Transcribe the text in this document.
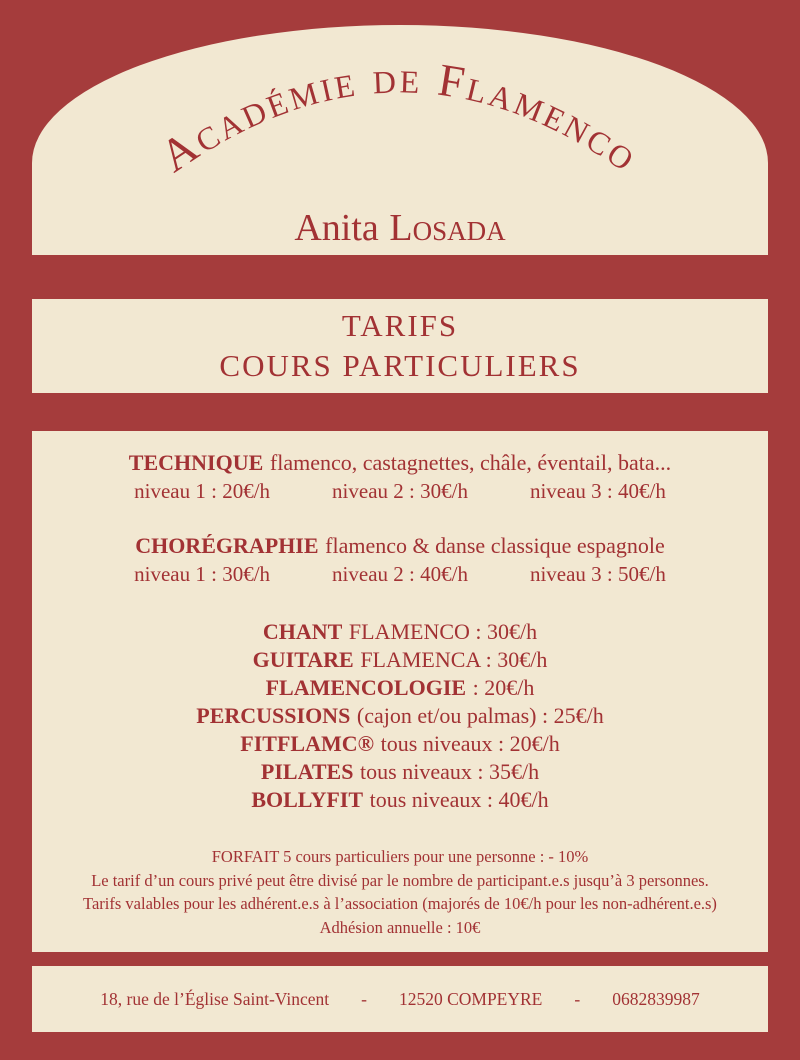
Académie de Flamenco
Anita Losada
TARIFS
COURS PARTICULIERS
TECHNIQUE flamenco, castagnettes, châle, éventail, bata...
niveau 1 : 20€/h	niveau 2 : 30€/h	niveau 3 : 40€/h
CHORÉGRAPHIE flamenco & danse classique espagnole
niveau 1 : 30€/h	niveau 2 : 40€/h	niveau 3 : 50€/h
CHANT FLAMENCO : 30€/h
GUITARE FLAMENCA : 30€/h
FLAMENCOLOGIE : 20€/h
PERCUSSIONS (cajon et/ou palmas) : 25€/h
FITFLAMC® tous niveaux : 20€/h
PILATES tous niveaux : 35€/h
BOLLYFIT tous niveaux : 40€/h
FORFAIT 5 cours particuliers pour une personne : - 10%
Le tarif d’un cours privé peut être divisé par le nombre de participant.e.s jusqu’à 3 personnes.
Tarifs valables pour les adhérent.e.s à l’association (majorés de 10€/h pour les non-adhérent.e.s)
Adhésion annuelle : 10€
18, rue de l’Église Saint-Vincent - 12520 COMPEYRE - 0682839987
